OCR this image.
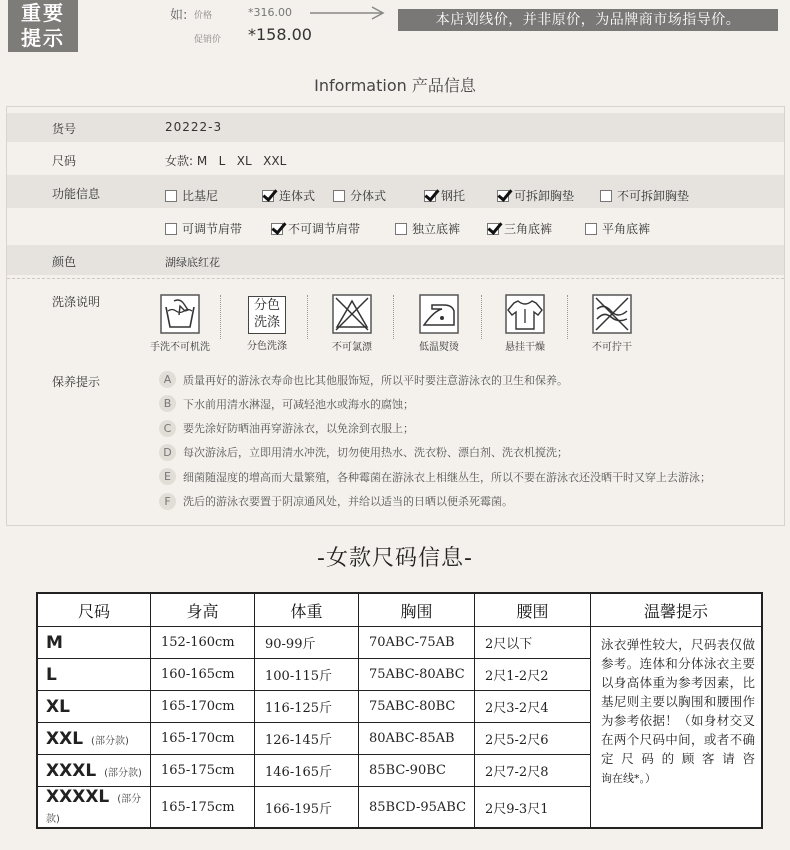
重要
提示
如: 价格	*316.00
促销价 *158.00
本店划线价，并非原价，为品牌商市场指导价。
Information 产品信息
货号	20222-3
尺码	女款: M   L   XL   XXL
功能信息	比基尼	连体式	分体式	钢托	可拆卸胸垫	不可拆卸胸垫
可调节肩带	不可调节肩带	独立底裤	三角底裤	平角底裤
颜色	湖绿底红花
洗涤说明
手洗不可机洗
分色
洗涤
分色洗涤	不可氯漂	低温熨烫	悬挂干燥	不可拧干
保养提示	A	质量再好的游泳衣寿命也比其他服饰短，所以平时要注意游泳衣的卫生和保养。
B	下水前用清水淋湿，可减轻池水或海水的腐蚀；
C	要先涂好防晒油再穿游泳衣，以免涂到衣服上；
D	每次游泳后，立即用清水冲洗，切勿使用热水、洗衣粉、漂白剂、洗衣机搅洗；
E	细菌随湿度的增高而大量繁殖，各种霉菌在游泳衣上相继丛生，所以不要在游泳衣还没晒干时又穿上去游泳；
F	洗后的游泳衣要置于阴凉通风处，并给以适当的日晒以便杀死霉菌。
-女款尺码信息-
尺码	身高	体重	胸围	腰围	温馨提示
M	152-160cm	90-99斤	70ABC-75AB	2尺以下	泳衣弹性较大，尺码表仅做参考。连体和分体泳衣主要以身高体重为参考因素，比基尼则主要以胸围和腰围作为参考依据！（如身材交叉在两个尺码中间，或者不确定尺码的顾客请咨询在线*。）
L	160-165cm	100-115斤	75ABC-80ABC	2尺1-2尺2	
XL	165-170cm	116-125斤	75ABC-80BC	2尺3-2尺4	
XXL (部分款)	165-170cm	126-145斤	80ABC-85AB	2尺5-2尺6	
XXXL (部分款)	165-175cm	146-165斤	85BC-90BC	2尺7-2尺8	
XXXXL (部分款)	165-175cm	166-195斤	85BCD-95ABC	2尺9-3尺1	
